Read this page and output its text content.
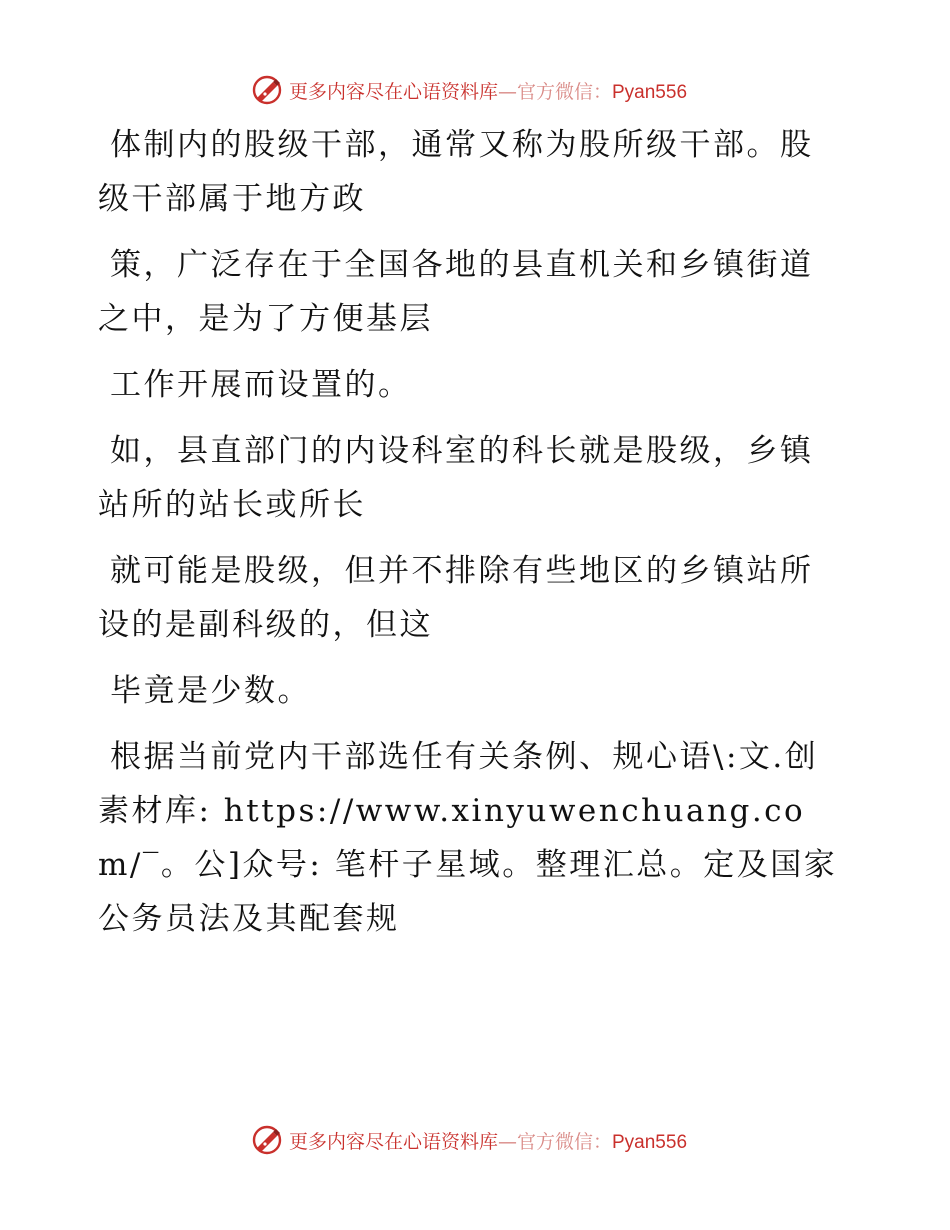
更多内容尽在心语资料库—官方微信：Pyan556

体制内的股级干部，通常又称为股所级干部。股级干部属于地方政

策，广泛存在于全国各地的县直机关和乡镇街道之中，是为了方便基层

工作开展而设置的。

如，县直部门的内设科室的科长就是股级，乡镇站所的站长或所长

就可能是股级，但并不排除有些地区的乡镇站所设的是副科级的，但这

毕竟是少数。

根据当前党内干部选任有关条例、规心语\:文.创素材库: https://www.xinyuwenchuang.com/‾。公]众号: 笔杆子星域。整理汇总。定及国家公务员法及其配套规

更多内容尽在心语资料库—官方微信：Pyan556
